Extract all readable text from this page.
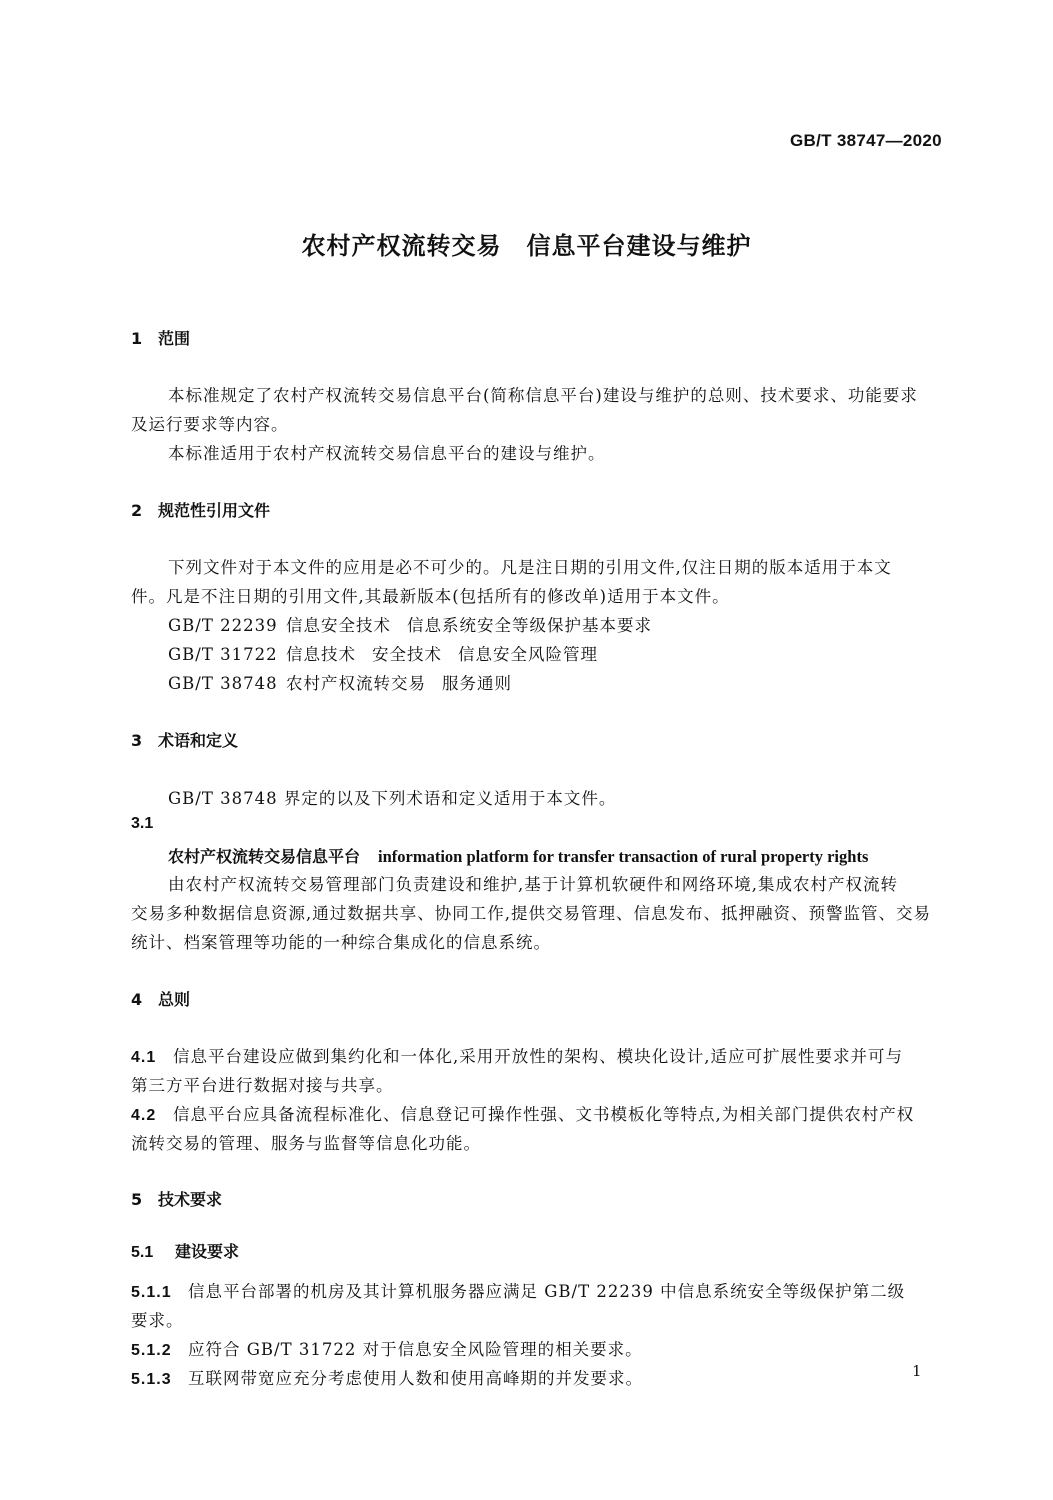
GB/T 38747—2020
农村产权流转交易　信息平台建设与维护
1 范围
本标准规定了农村产权流转交易信息平台(简称信息平台)建设与维护的总则、技术要求、功能要求
及运行要求等内容。
本标准适用于农村产权流转交易信息平台的建设与维护。
2 规范性引用文件
下列文件对于本文件的应用是必不可少的。凡是注日期的引用文件,仅注日期的版本适用于本文
件。凡是不注日期的引用文件,其最新版本(包括所有的修改单)适用于本文件。
GB/T 22239 信息安全技术 信息系统安全等级保护基本要求
GB/T 31722 信息技术 安全技术 信息安全风险管理
GB/T 38748 农村产权流转交易 服务通则
3 术语和定义
GB/T 38748 界定的以及下列术语和定义适用于本文件。
3.1
农村产权流转交易信息平台 information platform for transfer transaction of rural property rights
由农村产权流转交易管理部门负责建设和维护,基于计算机软硬件和网络环境,集成农村产权流转
交易多种数据信息资源,通过数据共享、协同工作,提供交易管理、信息发布、抵押融资、预警监管、交易
统计、档案管理等功能的一种综合集成化的信息系统。
4 总则
4.1 信息平台建设应做到集约化和一体化,采用开放性的架构、模块化设计,适应可扩展性要求并可与
第三方平台进行数据对接与共享。
4.2 信息平台应具备流程标准化、信息登记可操作性强、文书模板化等特点,为相关部门提供农村产权
流转交易的管理、服务与监督等信息化功能。
5 技术要求
5.1 建设要求
5.1.1 信息平台部署的机房及其计算机服务器应满足 GB/T 22239 中信息系统安全等级保护第二级
要求。
5.1.2 应符合 GB/T 31722 对于信息安全风险管理的相关要求。
5.1.3 互联网带宽应充分考虑使用人数和使用高峰期的并发要求。	1
